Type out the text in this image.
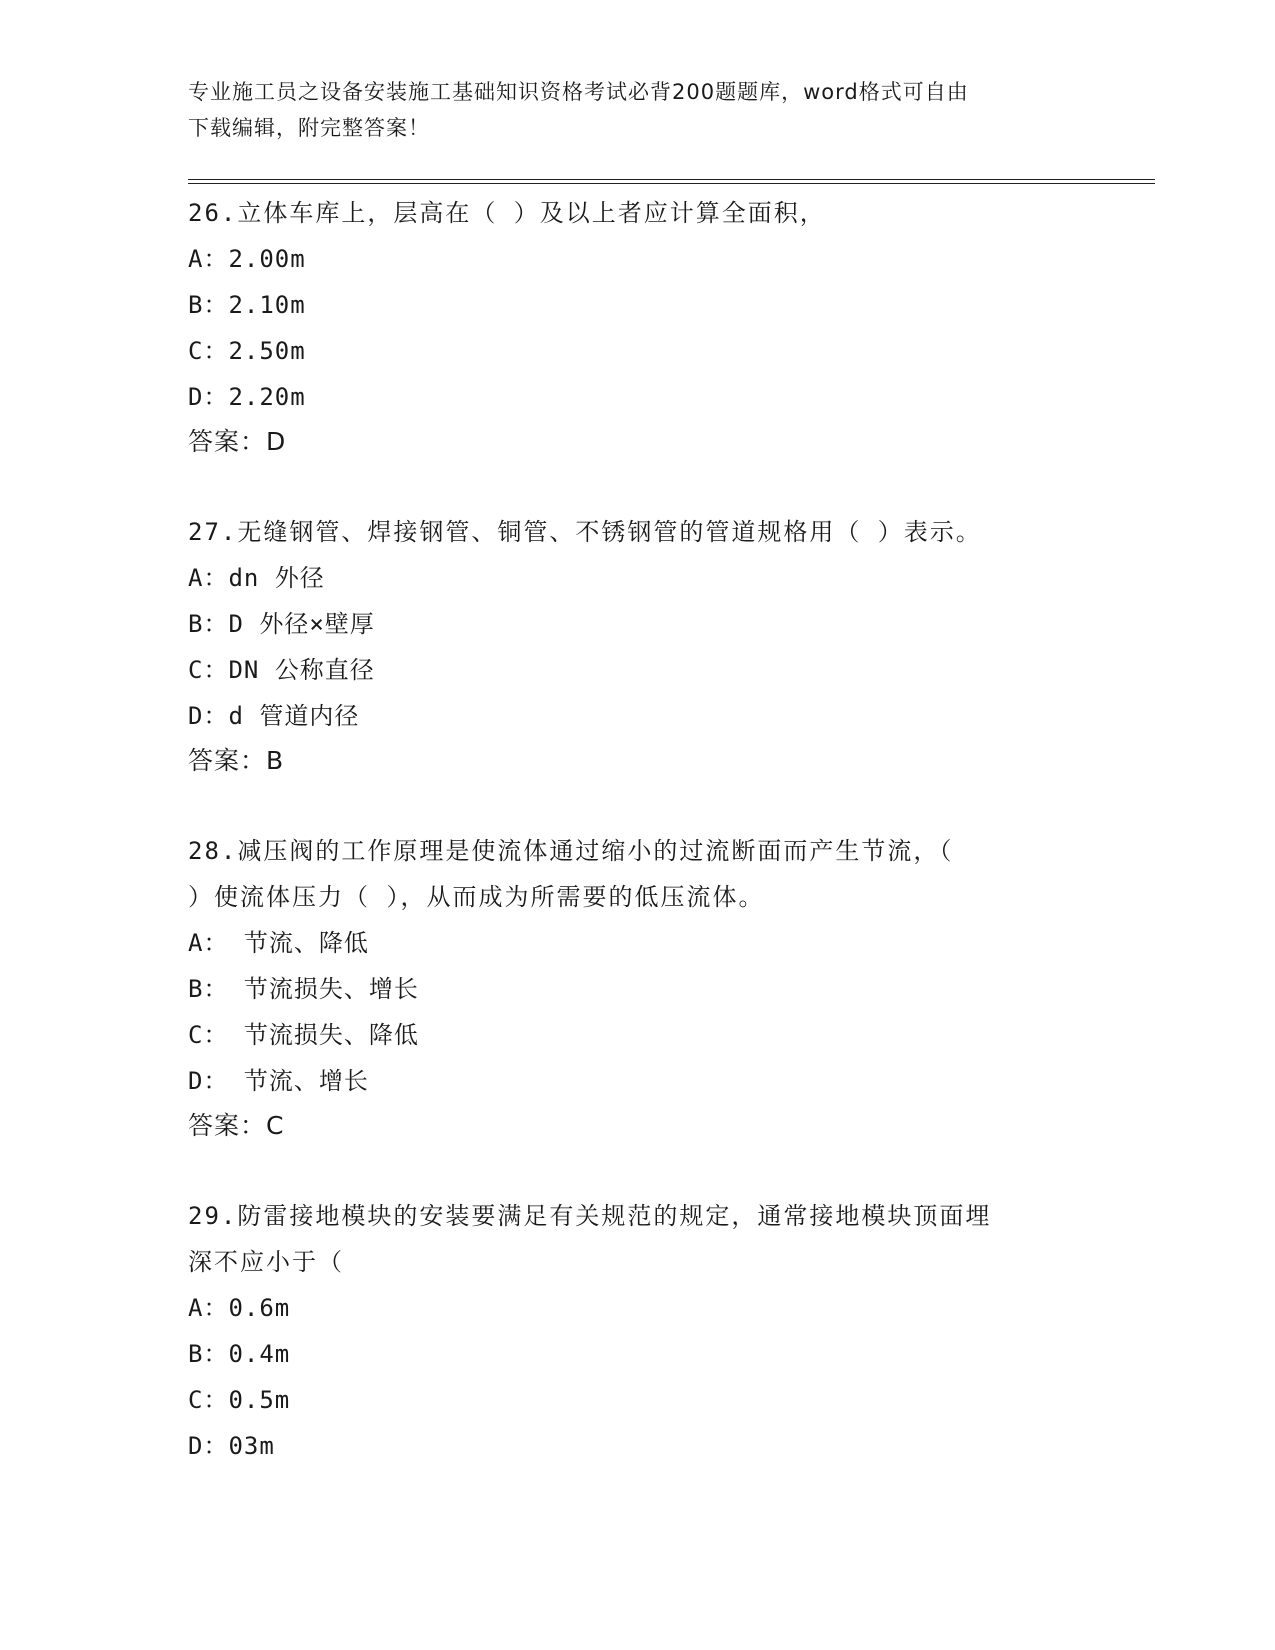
专业施工员之设备安装施工基础知识资格考试必背200题题库，word格式可自由
下载编辑，附完整答案！
26.立体车库上，层高在（ ）及以上者应计算全面积，
A：2.00m
B：2.10m
C：2.50m
D：2.20m
答案：D
27.无缝钢管、焊接钢管、铜管、不锈钢管的管道规格用（ ）表示。
A：dn 外径
B：D 外径×壁厚
C：DN 公称直径
D：d 管道内径
答案：B
28.减压阀的工作原理是使流体通过缩小的过流断面而产生节流，（
）使流体压力（ ），从而成为所需要的低压流体。
A： 节流、降低
B： 节流损失、增长
C： 节流损失、降低
D： 节流、增长
答案：C
29.防雷接地模块的安装要满足有关规范的规定，通常接地模块顶面埋
深不应小于（
A：0.6m
B：0.4m
C：0.5m
D：03m
